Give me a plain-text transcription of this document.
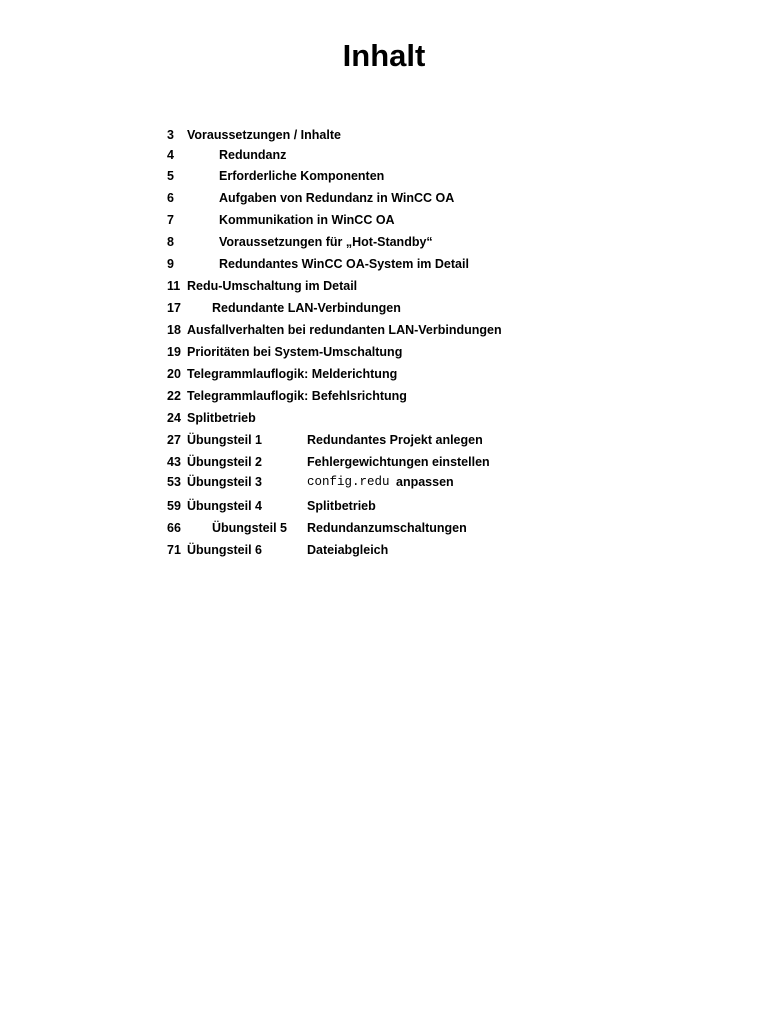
Inhalt
3 Voraussetzungen / Inhalte
4	Redundanz
5	Erforderliche Komponenten
6	Aufgaben von Redundanz in WinCC OA
7	Kommunikation in WinCC OA
8	Voraussetzungen für „Hot-Standby“
9	Redundantes WinCC OA-System im Detail
11 Redu-Umschaltung im Detail
17 Redundante LAN-Verbindungen
18 Ausfallverhalten bei redundanten LAN-Verbindungen
19 Prioritäten bei System-Umschaltung
20 Telegrammlauflogik: Melderichtung
22 Telegrammlauflogik: Befehlsrichtung
24 Splitbetrieb
27 Übungsteil 1	Redundantes Projekt anlegen
43 Übungsteil 2	Fehlergewichtungen einstellen
53 Übungsteil 3	config.redu anpassen
59 Übungsteil 4	Splitbetrieb
66 Übungsteil 5 Redundanzumschaltungen
71 Übungsteil 6	Dateiabgleich
